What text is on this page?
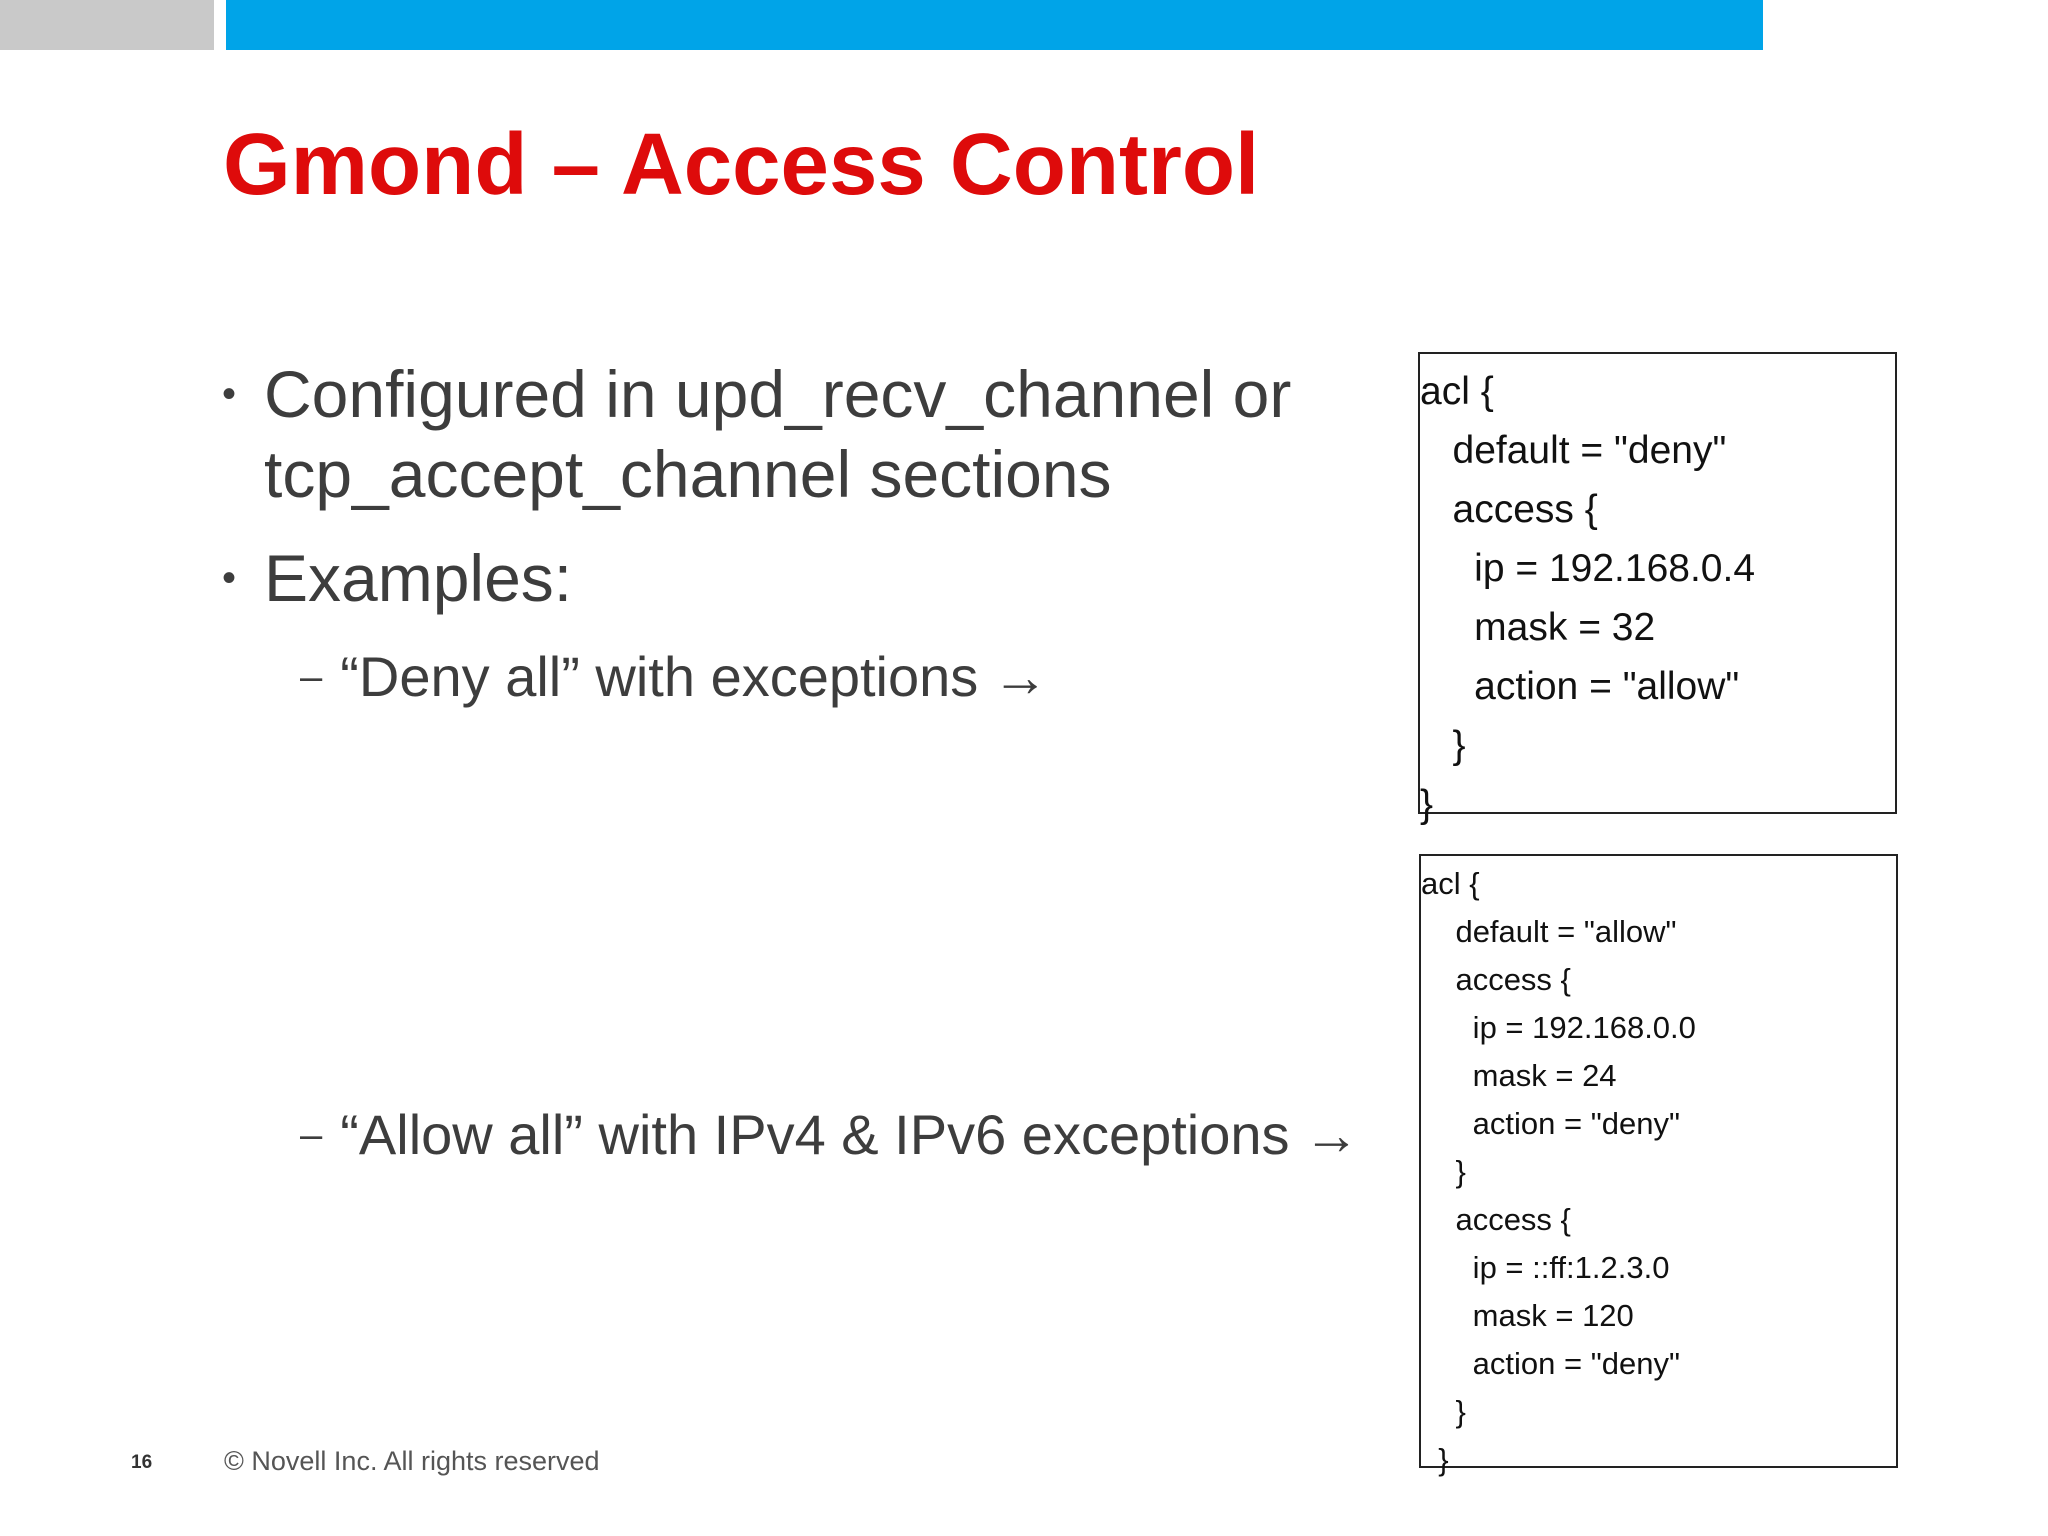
Gmond – Access Control
• Configured in upd_recv_channel or
tcp_accept_channel sections
• Examples:
– “Deny all” with exceptions →
– “Allow all” with IPv4 & IPv6 exceptions →
acl {
default = "deny"
access {
ip = 192.168.0.4
mask = 32
action = "allow"
}
}
acl {
default = "allow"
access {
ip = 192.168.0.0
mask = 24
action = "deny"
}
access {
ip = ::ff:1.2.3.0
mask = 120
action = "deny"
}
}
16	© Novell Inc. All rights reserved
